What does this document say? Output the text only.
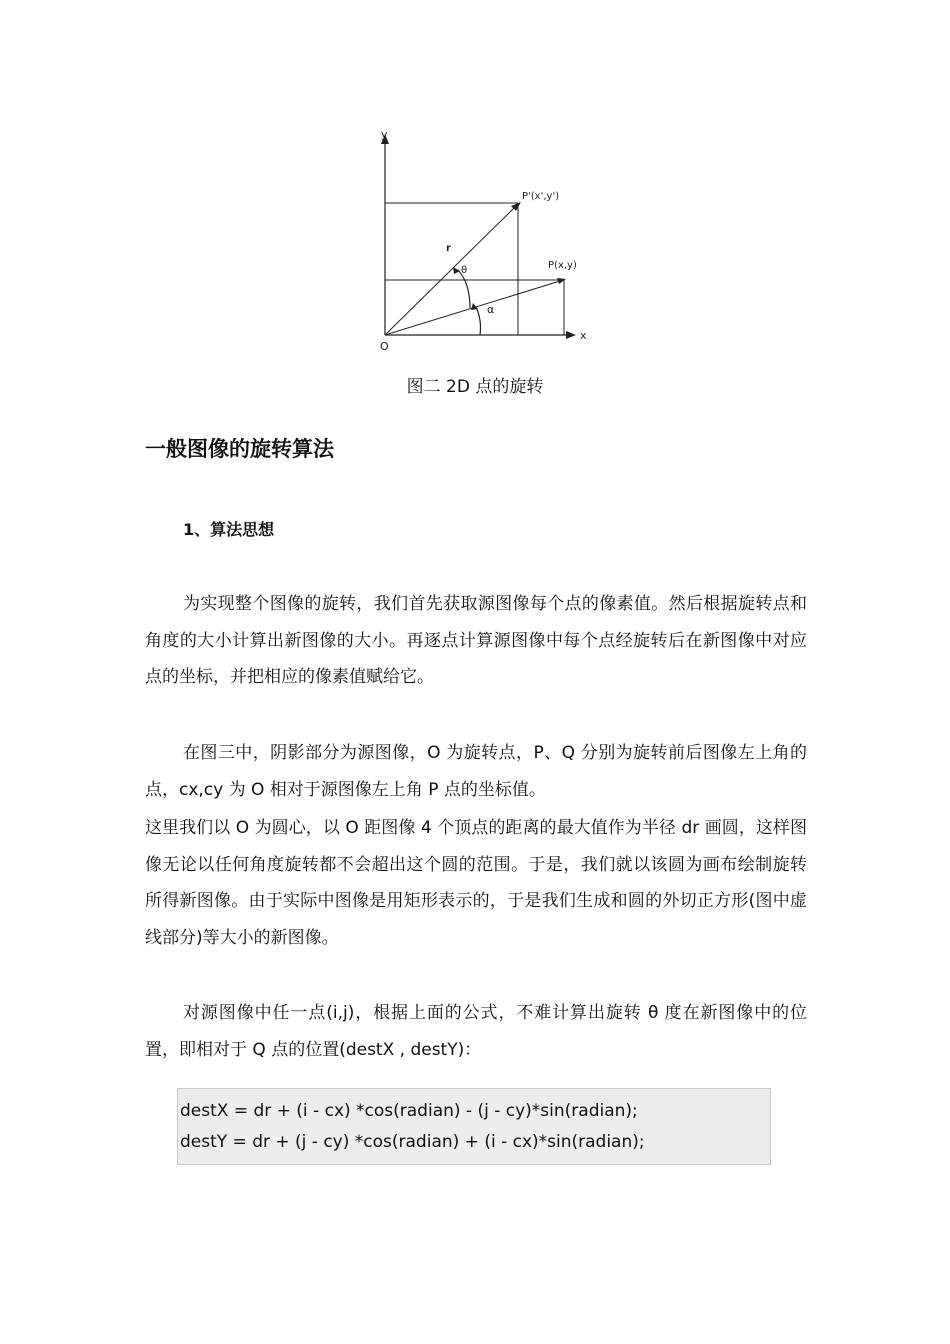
y
x
O
P'(x',y')
P(x,y)
r
θ
α
图二 2D 点的旋转
一般图像的旋转算法
1、算法思想

为实现整个图像的旋转，我们首先获取源图像每个点的像素值。然后根据旋转点和角度的大小计算出新图像的大小。再逐点计算源图像中每个点经旋转后在新图像中对应点的坐标，并把相应的像素值赋给它。

在图三中，阴影部分为源图像，O 为旋转点，P、Q 分别为旋转前后图像左上角的点，cx,cy 为 O 相对于源图像左上角 P 点的坐标值。

这里我们以 O 为圆心，以 O 距图像 4 个顶点的距离的最大值作为半径 dr 画圆，这样图像无论以任何角度旋转都不会超出这个圆的范围。于是，我们就以该圆为画布绘制旋转所得新图像。由于实际中图像是用矩形表示的，于是我们生成和圆的外切正方形(图中虚线部分)等大小的新图像。

对源图像中任一点(i,j)，根据上面的公式，不难计算出旋转 θ 度在新图像中的位置，即相对于 Q 点的位置(destX , destY)：

destX = dr + (i - cx) *cos(radian) - (j - cy)*sin(radian);
destY = dr + (j - cy) *cos(radian) + (i - cx)*sin(radian);
